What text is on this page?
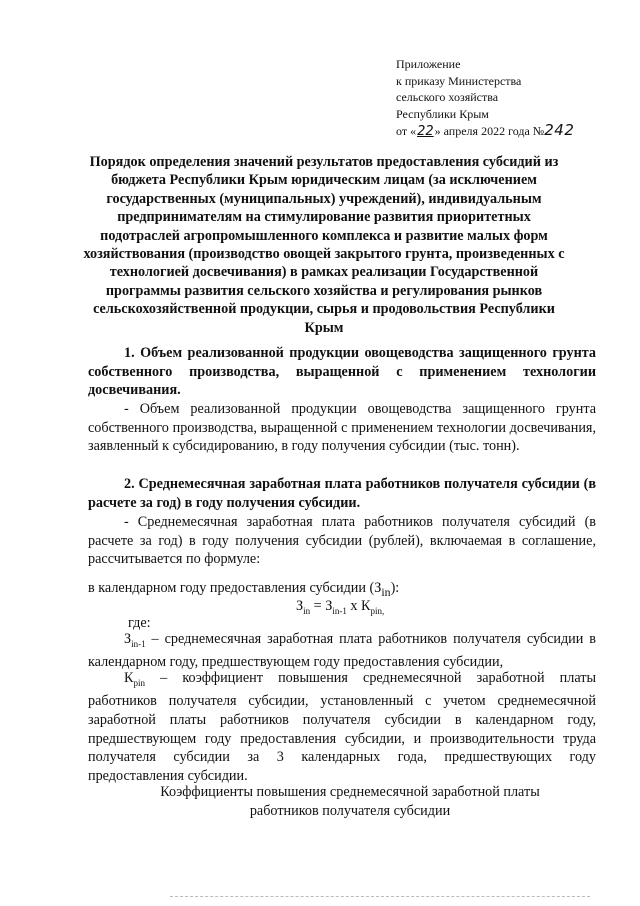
Приложение
к приказу Министерства
сельского хозяйства
Республики Крым
от «22» апреля 2022 года №242
Порядок определения значений результатов предоставления субсидий из бюджета Республики Крым юридическим лицам (за исключением государственных (муниципальных) учреждений), индивидуальным предпринимателям на стимулирование развития приоритетных подотраслей агропромышленного комплекса и развитие малых форм хозяйствования (производство овощей закрытого грунта, произведенных с технологией досвечивания) в рамках реализации Государственной программы развития сельского хозяйства и регулирования рынков сельскохозяйственной продукции, сырья и продовольствия Республики Крым

1. Объем реализованной продукции овощеводства защищенного грунта собственного производства, выращенной с применением технологии досвечивания.

- Объем реализованной продукции овощеводства защищенного грунта собственного производства, выращенной с применением технологии досвечивания, заявленный к субсидированию, в году получения субсидии (тыс. тонн).

2. Среднемесячная заработная плата работников получателя субсидии (в расчете за год) в году получения субсидии.

- Среднемесячная заработная плата работников получателя субсидий (в расчете за год) в году получения субсидии (рублей), включаемая в соглашение, рассчитывается по формуле:

в календарном году предоставления субсидии $(З_{in})$:
$З_{in} = З_{in-1}$ х $К_{pin,}$
где:

$З_{in-1}$ – среднемесячная заработная плата работников получателя субсидии в календарном году, предшествующем году предоставления субсидии,

$К_{pin}$ – коэффициент повышения среднемесячной заработной платы работников получателя субсидии, установленный с учетом среднемесячной заработной платы работников получателя субсидии в календарном году, предшествующем году предоставления субсидии, и производительности труда получателя субсидии за 3 календарных года, предшествующих году предоставления субсидии.

Коэффициенты повышения среднемесячной заработной платы
работников получателя субсидии
